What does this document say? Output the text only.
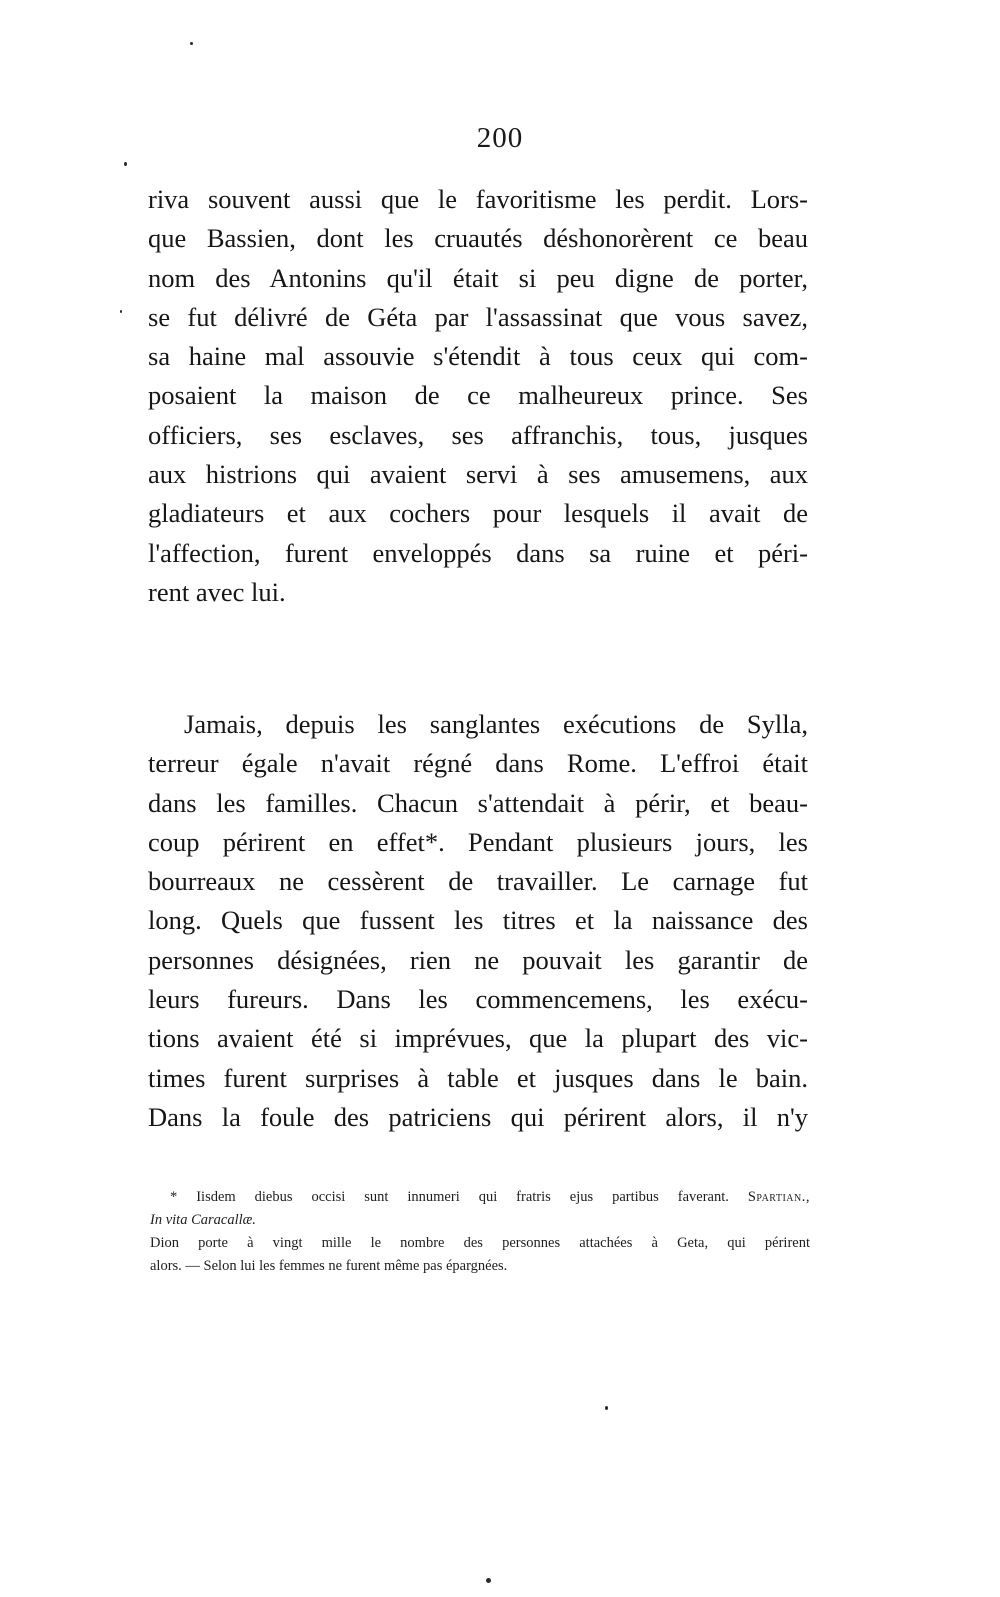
200
riva souvent aussi que le favoritisme les perdit. Lors-
que Bassien, dont les cruautés déshonorèrent ce beau
nom des Antonins qu'il était si peu digne de porter,
se fut délivré de Géta par l'assassinat que vous savez,
sa haine mal assouvie s'étendit à tous ceux qui com-
posaient la maison de ce malheureux prince. Ses
officiers, ses esclaves, ses affranchis, tous, jusques
aux histrions qui avaient servi à ses amusemens, aux
gladiateurs et aux cochers pour lesquels il avait de
l'affection, furent enveloppés dans sa ruine et péri-
rent avec lui.
Jamais, depuis les sanglantes exécutions de Sylla,
terreur égale n'avait régné dans Rome. L'effroi était
dans les familles. Chacun s'attendait à périr, et beau-
coup périrent en effet*. Pendant plusieurs jours, les
bourreaux ne cessèrent de travailler. Le carnage fut
long. Quels que fussent les titres et la naissance des
personnes désignées, rien ne pouvait les garantir de
leurs fureurs. Dans les commencemens, les exécu-
tions avaient été si imprévues, que la plupart des vic-
times furent surprises à table et jusques dans le bain.
Dans la foule des patriciens qui périrent alors, il n'y
* Iisdem diebus occisi sunt innumeri qui fratris ejus partibus faverant. Spartian.,
In vita Caracallæ.
Dion porte à vingt mille le nombre des personnes attachées à Geta, qui périrent
alors. — Selon lui les femmes ne furent même pas épargnées.
